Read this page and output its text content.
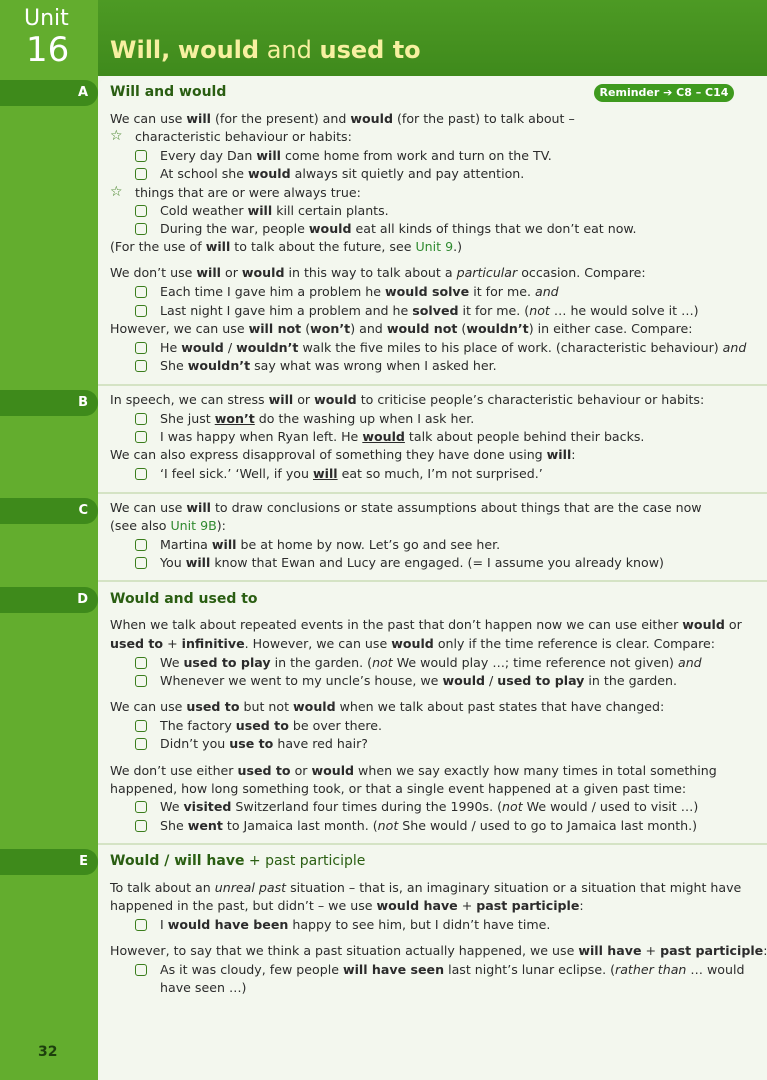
Unit
16 Will, would and used to
A	Will and would	Reminder ➔ C8 – C14
We can use will (for the present) and would (for the past) to talk about –
☆ characteristic behaviour or habits:
Every day Dan will come home from work and turn on the TV.
At school she would always sit quietly and pay attention.
☆ things that are or were always true:
Cold weather will kill certain plants.
During the war, people would eat all kinds of things that we don’t eat now.
(For the use of will to talk about the future, see Unit 9.)
We don’t use will or would in this way to talk about a particular occasion. Compare:
Each time I gave him a problem he would solve it for me. and
Last night I gave him a problem and he solved it for me. (not … he would solve it …)
However, we can use will not (won’t) and would not (wouldn’t) in either case. Compare:
He would / wouldn’t walk the five miles to his place of work. (characteristic behaviour) and
She wouldn’t say what was wrong when I asked her.
B	In speech, we can stress will or would to criticise people’s characteristic behaviour or habits:
She just won’t do the washing up when I ask her.
I was happy when Ryan left. He would talk about people behind their backs.
We can also express disapproval of something they have done using will:
‘I feel sick.’ ‘Well, if you will eat so much, I’m not surprised.’
C	We can use will to draw conclusions or state assumptions about things that are the case now
(see also Unit 9B):
Martina will be at home by now. Let’s go and see her.
You will know that Ewan and Lucy are engaged. (= I assume you already know)
D	Would and used to
When we talk about repeated events in the past that don’t happen now we can use either would or
used to + infinitive. However, we can use would only if the time reference is clear. Compare:
We used to play in the garden. (not We would play …; time reference not given) and
Whenever we went to my uncle’s house, we would / used to play in the garden.
We can use used to but not would when we talk about past states that have changed:
The factory used to be over there.
Didn’t you use to have red hair?
We don’t use either used to or would when we say exactly how many times in total something
happened, how long something took, or that a single event happened at a given past time:
We visited Switzerland four times during the 1990s. (not We would / used to visit …)
She went to Jamaica last month. (not She would / used to go to Jamaica last month.)
E	Would / will have + past participle
To talk about an unreal past situation – that is, an imaginary situation or a situation that might have
happened in the past, but didn’t – we use would have + past participle:
I would have been happy to see him, but I didn’t have time.
However, to say that we think a past situation actually happened, we use will have + past participle
As it was cloudy, few people will have seen last night’s lunar eclipse. (rather than … would
have seen …)
32
